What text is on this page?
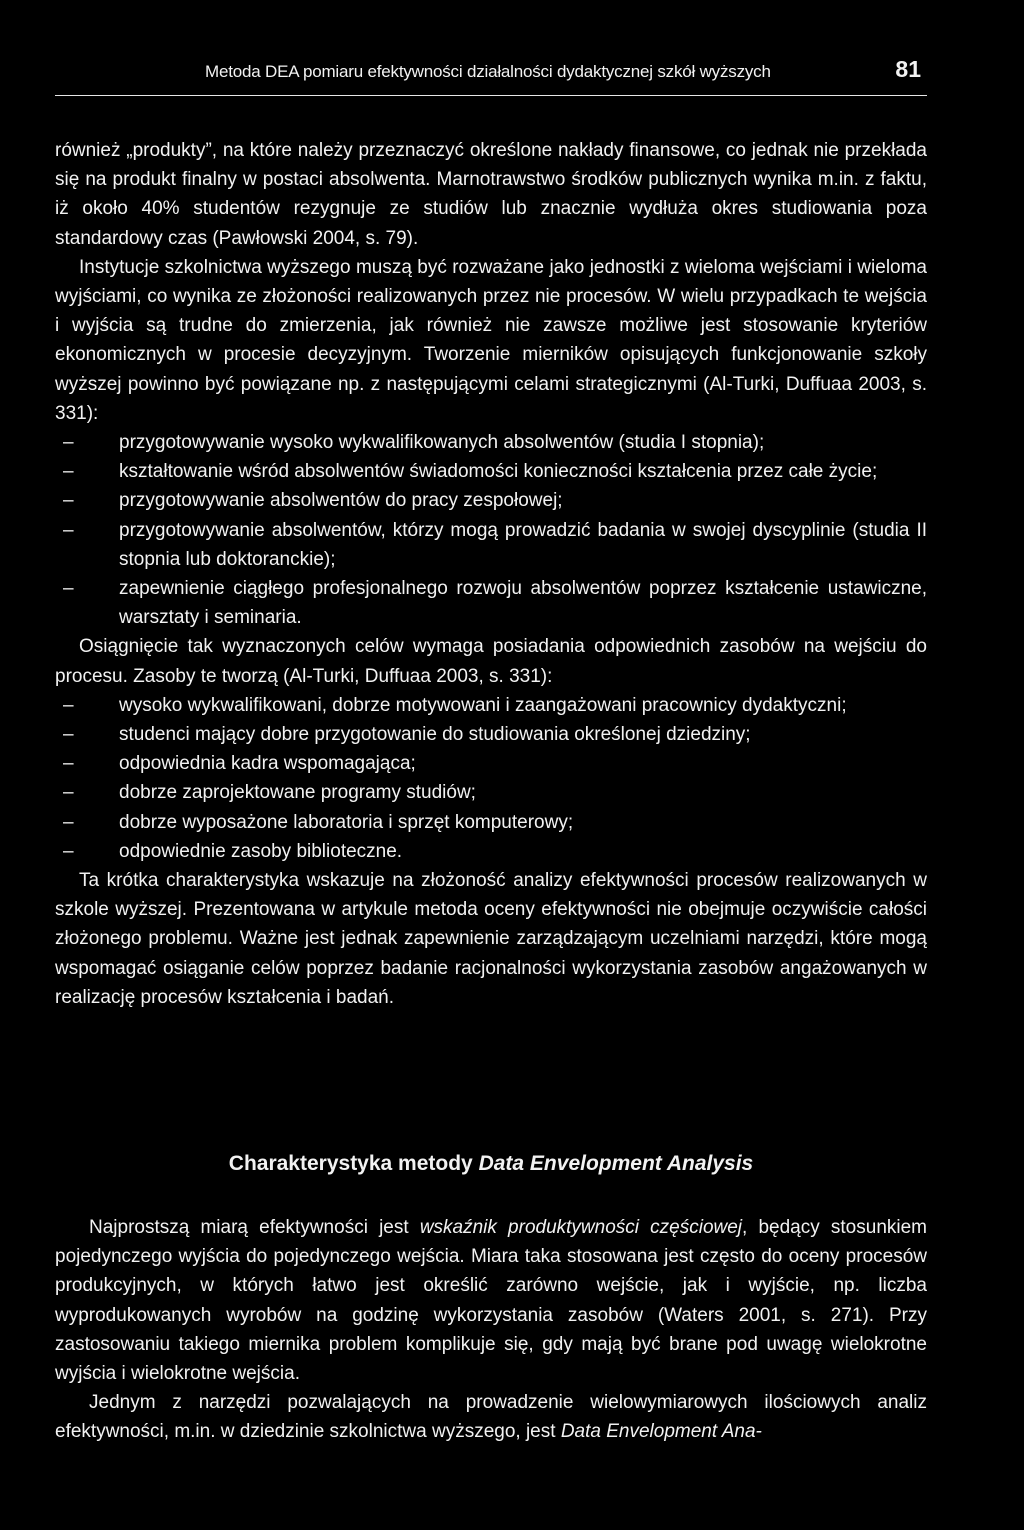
Metoda DEA pomiaru efektywności działalności dydaktycznej szkół wyższych	81

również „produkty”, na które należy przeznaczyć określone nakłady finansowe, co jednak nie przekłada się na produkt finalny w postaci absolwenta. Marnotrawstwo środków publicznych wynika m.in. z faktu, iż około 40% studentów rezygnuje ze studiów lub znacznie wydłuża okres studiowania poza standardowy czas (Pawłowski 2004, s. 79).

Instytucje szkolnictwa wyższego muszą być rozważane jako jednostki z wieloma wejściami i wieloma wyjściami, co wynika ze złożoności realizowanych przez nie procesów. W wielu przypadkach te wejścia i wyjścia są trudne do zmierzenia, jak również nie zawsze możliwe jest stosowanie kryteriów ekonomicznych w procesie decyzyjnym. Tworzenie mierników opisujących funkcjonowanie szkoły wyższej powinno być powiązane np. z następującymi celami strategicznymi (Al-Turki, Duffuaa 2003, s. 331):

– przygotowywanie wysoko wykwalifikowanych absolwentów (studia I stopnia);
– kształtowanie wśród absolwentów świadomości konieczności kształcenia przez całe życie;
– przygotowywanie absolwentów do pracy zespołowej;
– przygotowywanie absolwentów, którzy mogą prowadzić badania w swojej dyscyplinie (studia II stopnia lub doktoranckie);
– zapewnienie ciągłego profesjonalnego rozwoju absolwentów poprzez kształcenie ustawiczne, warsztaty i seminaria.

Osiągnięcie tak wyznaczonych celów wymaga posiadania odpowiednich zasobów na wejściu do procesu. Zasoby te tworzą (Al-Turki, Duffuaa 2003, s. 331):

– wysoko wykwalifikowani, dobrze motywowani i zaangażowani pracownicy dydaktyczni;
– studenci mający dobre przygotowanie do studiowania określonej dziedziny;
– odpowiednia kadra wspomagająca;
– dobrze zaprojektowane programy studiów;
– dobrze wyposażone laboratoria i sprzęt komputerowy;
– odpowiednie zasoby biblioteczne.

Ta krótka charakterystyka wskazuje na złożoność analizy efektywności procesów realizowanych w szkole wyższej. Prezentowana w artykule metoda oceny efektywności nie obejmuje oczywiście całości złożonego problemu. Ważne jest jednak zapewnienie zarządzającym uczelniami narzędzi, które mogą wspomagać osiąganie celów poprzez badanie racjonalności wykorzystania zasobów angażowanych w realizację procesów kształcenia i badań.

Charakterystyka metody Data Envelopment Analysis

Najprostszą miarą efektywności jest wskaźnik produktywności częściowej, będący stosunkiem pojedynczego wyjścia do pojedynczego wejścia. Miara taka stosowana jest często do oceny procesów produkcyjnych, w których łatwo jest określić zarówno wejście, jak i wyjście, np. liczba wyprodukowanych wyrobów na godzinę wykorzystania zasobów (Waters 2001, s. 271). Przy zastosowaniu takiego miernika problem komplikuje się, gdy mają być brane pod uwagę wielokrotne wyjścia i wielokrotne wejścia.

Jednym z narzędzi pozwalających na prowadzenie wielowymiarowych ilościowych analiz efektywności, m.in. w dziedzinie szkolnictwa wyższego, jest Data Envelopment Ana-
